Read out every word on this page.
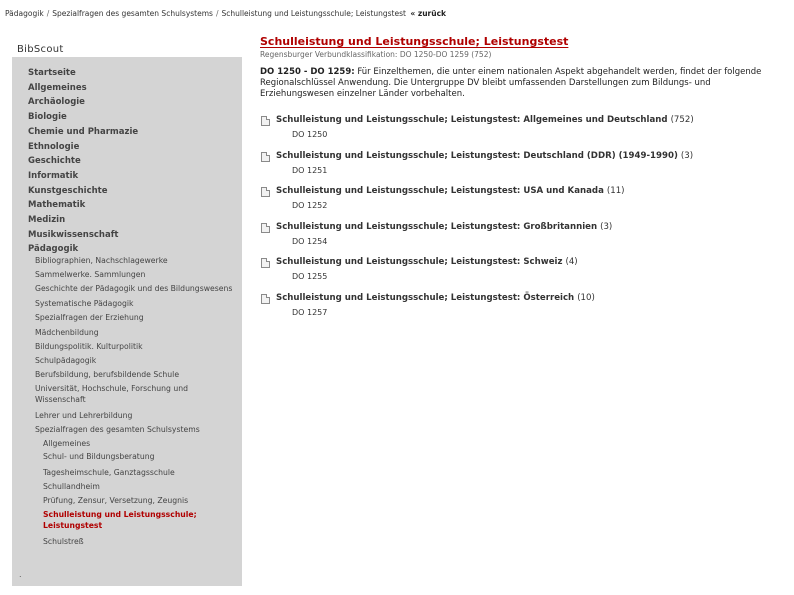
Pädagogik / Spezialfragen des gesamten Schulsystems / Schulleistung und Leistungsschule; Leistungstest « zurück
BibScout
Startseite
Allgemeines
Archäologie
Biologie
Chemie und Pharmazie
Ethnologie
Geschichte
Informatik
Kunstgeschichte
Mathematik
Medizin
Musikwissenschaft
Pädagogik
Bibliographien, Nachschlagewerke
Sammelwerke. Sammlungen
Geschichte der Pädagogik und des Bildungswesens
Systematische Pädagogik
Spezialfragen der Erziehung
Mädchenbildung
Bildungspolitik. Kulturpolitik
Schulpädagogik
Berufsbildung, berufsbildende Schule
Universität, Hochschule, Forschung und Wissenschaft
Lehrer und Lehrerbildung
Spezialfragen des gesamten Schulsystems
Allgemeines
Schul- und Bildungsberatung
Tagesheimschule, Ganztagsschule
Schullandheim
Prüfung, Zensur, Versetzung, Zeugnis
Schulleistung und Leistungsschule; Leistungstest
Schulstreß
.
Schulleistung und Leistungsschule; Leistungstest
Regensburger Verbundklassifikation: DO 1250-DO 1259 (752)
DO 1250 - DO 1259: Für Einzelthemen, die unter einem nationalen Aspekt abgehandelt werden, findet der folgende Regionalschlüssel Anwendung. Die Untergruppe DV bleibt umfassenden Darstellungen zum Bildungs- und Erziehungswesen einzelner Länder vorbehalten.
Schulleistung und Leistungsschule; Leistungstest: Allgemeines und Deutschland (752)
DO 1250
Schulleistung und Leistungsschule; Leistungstest: Deutschland (DDR) (1949-1990) (3)
DO 1251
Schulleistung und Leistungsschule; Leistungstest: USA und Kanada (11)
DO 1252
Schulleistung und Leistungsschule; Leistungstest: Großbritannien (3)
DO 1254
Schulleistung und Leistungsschule; Leistungstest: Schweiz (4)
DO 1255
Schulleistung und Leistungsschule; Leistungstest: Österreich (10)
DO 1257
